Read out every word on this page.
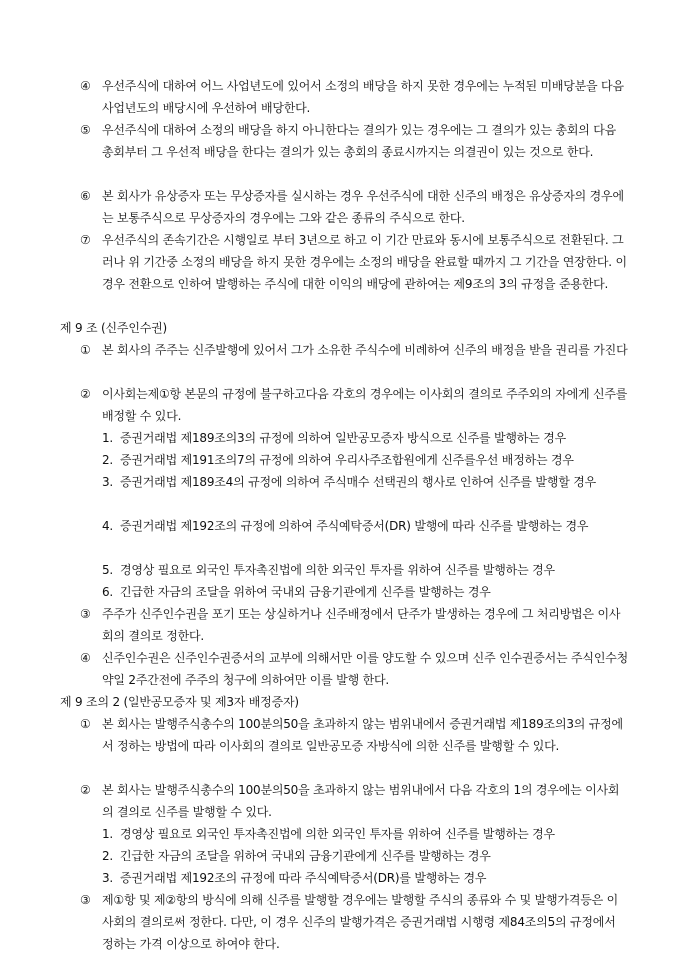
④ 우선주식에 대하여 어느 사업년도에 있어서 소정의 배당을 하지 못한 경우에는 누적된 미배당분을 다음 사업년도의 배당시에 우선하여 배당한다.
⑤ 우선주식에 대하여 소정의 배당을 하지 아니한다는 결의가 있는 경우에는 그 결의가 있는 총회의 다음 총회부터 그 우선적 배당을 한다는 결의가 있는 총회의 종료시까지는 의결권이 있는 것으로 한다.
⑥ 본 회사가 유상증자 또는 무상증자를 실시하는 경우 우선주식에 대한 신주의 배정은 유상증자의 경우에는 보통주식으로 무상증자의 경우에는 그와 같은 종류의 주식으로 한다.
⑦ 우선주식의 존속기간은 시행일로 부터 3년으로 하고 이 기간 만료와 동시에 보통주식으로 전환된다. 그러나 위 기간중 소정의 배당을 하지 못한 경우에는 소정의 배당을 완료할 때까지 그 기간을 연장한다. 이 경우 전환으로 인하여 발행하는 주식에 대한 이익의 배당에 관하여는 제9조의 3의 규정을 준용한다.
제 9 조 (신주인수권)
① 본 회사의 주주는 신주발행에 있어서 그가 소유한 주식수에 비례하여 신주의 배정을 받을 권리를 가진다
② 이사회는제①항 본문의 규정에 불구하고다음 각호의 경우에는 이사회의 결의로 주주외의 자에게 신주를 배정할 수 있다.
1. 증권거래법 제189조의3의 규정에 의하여 일반공모증자 방식으로 신주를 발행하는 경우
2. 증권거래법 제191조의7의 규정에 의하여 우리사주조합원에게 신주를우선 배정하는 경우
3. 증권거래법 제189조4의 규정에 의하여 주식매수 선택권의 행사로 인하여 신주를 발행할 경우
4. 증권거래법 제192조의 규정에 의하여 주식예탁증서(DR) 발행에 따라 신주를 발행하는 경우
5. 경영상 필요로 외국인 투자촉진법에 의한 외국인 투자를 위하여 신주를 발행하는 경우
6. 긴급한 자금의 조달을 위하여 국내외 금융기관에게 신주를 발행하는 경우
③ 주주가 신주인수권을 포기 또는 상실하거나 신주배정에서 단주가 발생하는 경우에 그 처리방법은 이사회의 결의로 정한다.
④ 신주인수권은 신주인수권증서의 교부에 의해서만 이를 양도할 수 있으며 신주 인수권증서는 주식인수청약일 2주간전에 주주의 청구에 의하여만 이를 발행 한다.
제 9 조의 2 (일반공모증자 및 제3자 배정증자)
① 본 회사는 발행주식총수의 100분의50을 초과하지 않는 범위내에서 증권거래법 제189조의3의 규정에서 정하는 방법에 따라 이사회의 결의로 일반공모증 자방식에 의한 신주를 발행할 수 있다.
② 본 회사는 발행주식총수의 100분의50을 초과하지 않는 범위내에서 다음 각호의 1의 경우에는 이사회의 결의로 신주를 발행할 수 있다.
1. 경영상 필요로 외국인 투자촉진법에 의한 외국인 투자를 위하여 신주를 발행하는 경우
2. 긴급한 자금의 조달을 위하여 국내외 금융기관에게 신주를 발행하는 경우
3. 증권거래법 제192조의 규정에 따라 주식예탁증서(DR)를 발행하는 경우
③ 제①항 및 제②항의 방식에 의해 신주를 발행할 경우에는 발행할 주식의 종류와 수 및 발행가격등은 이사회의 결의로써 정한다. 다만, 이 경우 신주의 발행가격은 증권거래법 시행령 제84조의5의 규정에서 정하는 가격 이상으로 하여야 한다.
